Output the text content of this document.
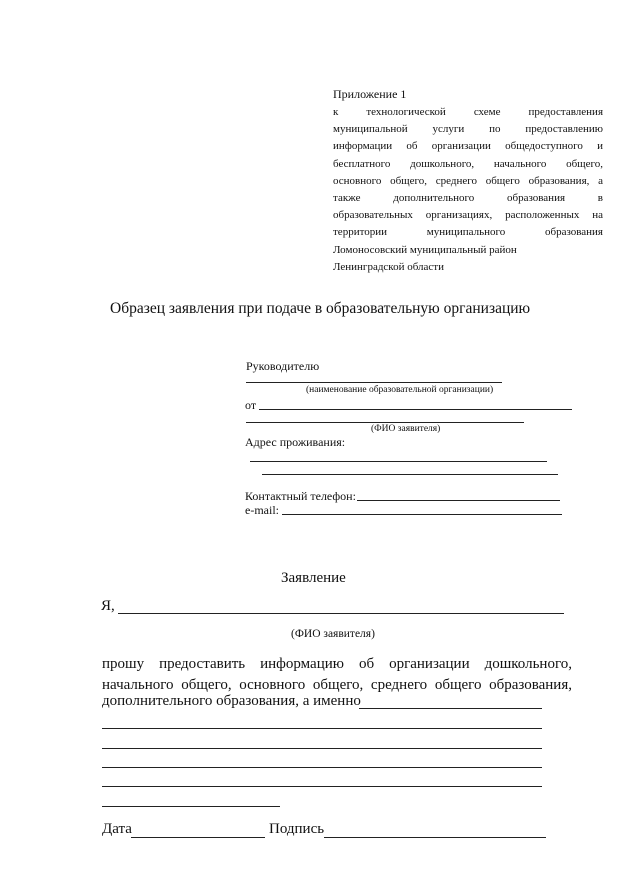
Приложение 1
к технологической схеме предоставления
муниципальной услуги по предоставлению
информации об организации общедоступного и
бесплатного дошкольного, начального общего,
основного общего, среднего общего образования, а
также дополнительного образования в
образовательных организациях, расположенных на
территории муниципального образования
Ломоносовский муниципальный район
Ленинградской области
Образец заявления при подаче в образовательную организацию
Руководителю
(наименование образовательной организации)
от
(ФИО заявителя)
Адрес проживания:
Контактный телефон:
e-mail:
Заявление
Я,
(ФИО заявителя)
прошу предоставить информацию об организации дошкольного,
начального общего, основного общего, среднего общего образования,
дополнительного образования, а именно
Дата	Подпись
